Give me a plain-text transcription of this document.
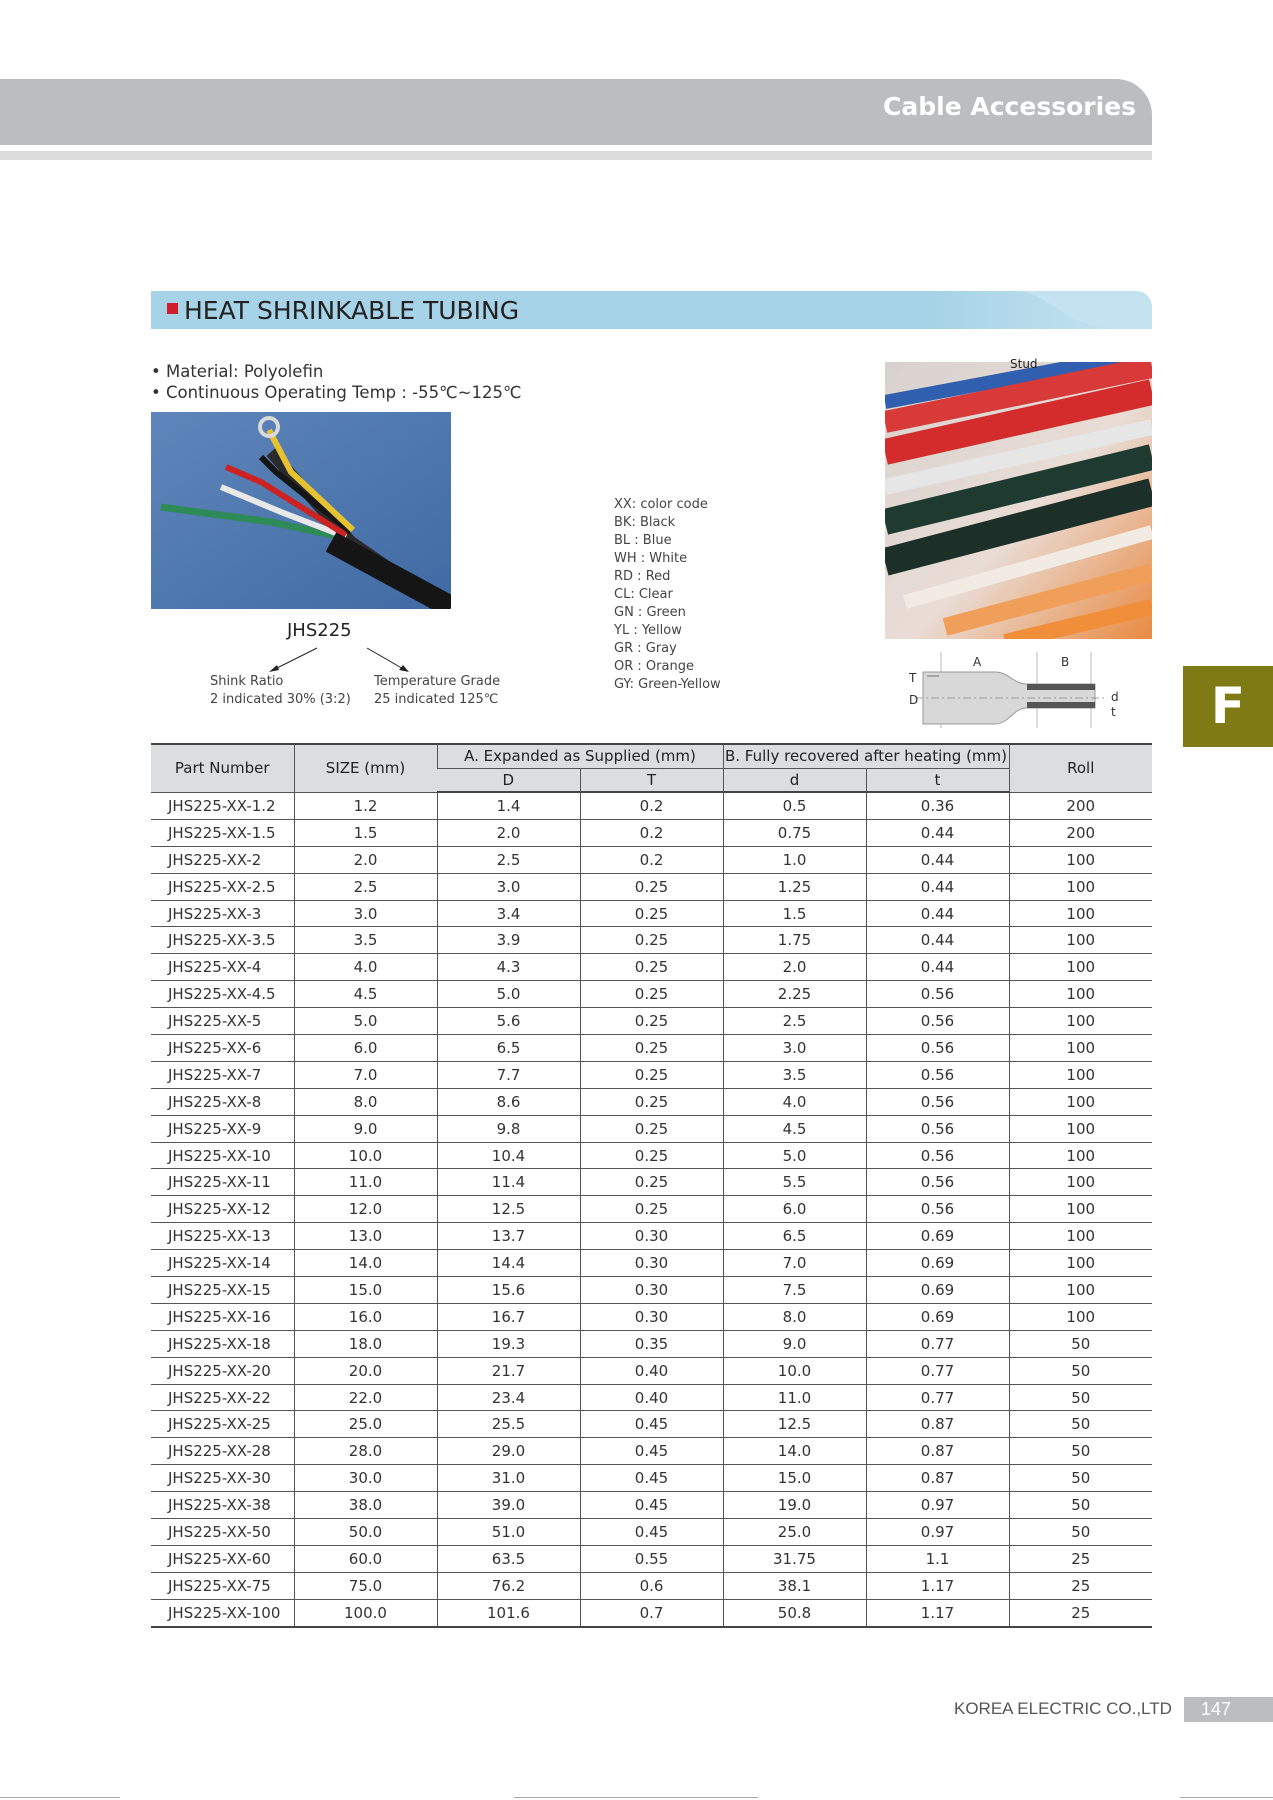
Cable Accessories
HEAT SHRINKABLE TUBING
• Material: Polyolefin
• Continuous Operating Temp : -55℃~125℃
JHS225
Shink Ratio
2 indicated 30% (3:2)
Temperature Grade
25 indicated 125℃
XX: color code
BK: Black
BL : Blue
WH : White
RD : Red
CL: Clear
GN : Green
YL : Yellow
GR : Gray
OR : Orange
GY: Green-Yellow
Stud
A	B
T
D	d
t	F
Part Number	SIZE (mm)	A. Expanded as Supplied (mm)		B. Fully recovered after heating (mm)		Roll
		D	T	d	t	
JHS225-XX-1.2	1.2	1.4	0.2	0.5	0.36	200
JHS225-XX-1.5	1.5	2.0	0.2	0.75	0.44	200
JHS225-XX-2	2.0	2.5	0.2	1.0	0.44	100
JHS225-XX-2.5	2.5	3.0	0.25	1.25	0.44	100
JHS225-XX-3	3.0	3.4	0.25	1.5	0.44	100
JHS225-XX-3.5	3.5	3.9	0.25	1.75	0.44	100
JHS225-XX-4	4.0	4.3	0.25	2.0	0.44	100
JHS225-XX-4.5	4.5	5.0	0.25	2.25	0.56	100
JHS225-XX-5	5.0	5.6	0.25	2.5	0.56	100
JHS225-XX-6	6.0	6.5	0.25	3.0	0.56	100
JHS225-XX-7	7.0	7.7	0.25	3.5	0.56	100
JHS225-XX-8	8.0	8.6	0.25	4.0	0.56	100
JHS225-XX-9	9.0	9.8	0.25	4.5	0.56	100
JHS225-XX-10	10.0	10.4	0.25	5.0	0.56	100
JHS225-XX-11	11.0	11.4	0.25	5.5	0.56	100
JHS225-XX-12	12.0	12.5	0.25	6.0	0.56	100
JHS225-XX-13	13.0	13.7	0.30	6.5	0.69	100
JHS225-XX-14	14.0	14.4	0.30	7.0	0.69	100
JHS225-XX-15	15.0	15.6	0.30	7.5	0.69	100
JHS225-XX-16	16.0	16.7	0.30	8.0	0.69	100
JHS225-XX-18	18.0	19.3	0.35	9.0	0.77	50
JHS225-XX-20	20.0	21.7	0.40	10.0	0.77	50
JHS225-XX-22	22.0	23.4	0.40	11.0	0.77	50
JHS225-XX-25	25.0	25.5	0.45	12.5	0.87	50
JHS225-XX-28	28.0	29.0	0.45	14.0	0.87	50
JHS225-XX-30	30.0	31.0	0.45	15.0	0.87	50
JHS225-XX-38	38.0	39.0	0.45	19.0	0.97	50
JHS225-XX-50	50.0	51.0	0.45	25.0	0.97	50
JHS225-XX-60	60.0	63.5	0.55	31.75	1.1	25
JHS225-XX-75	75.0	76.2	0.6	38.1	1.17	25
JHS225-XX-100	100.0	101.6	0.7	50.8	1.17	25
KOREA ELECTRIC CO.,LTD 147
